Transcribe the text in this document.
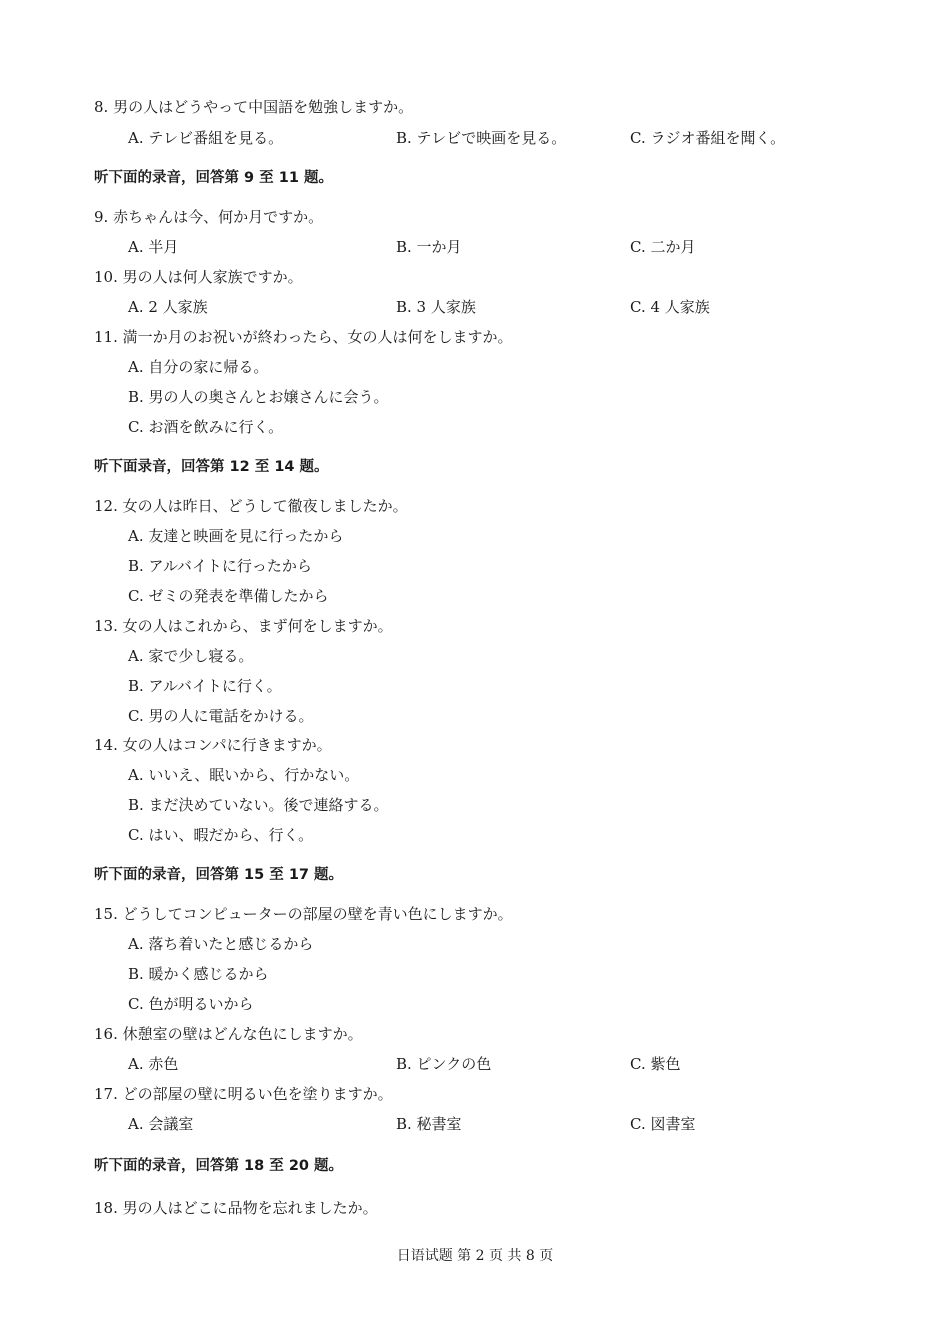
8. 男の人はどうやって中国語を勉強しますか。
A. テレビ番組を見る。	B. テレビで映画を見る。	C. ラジオ番組を聞く。
听下面的录音，回答第 9 至 11 题。
9. 赤ちゃんは今、何か月ですか。
A. 半月	B. 一か月	C. 二か月
10. 男の人は何人家族ですか。
A. 2 人家族	B. 3 人家族	C. 4 人家族
11. 満一か月のお祝いが終わったら、女の人は何をしますか。
A. 自分の家に帰る。
B. 男の人の奥さんとお嬢さんに会う。
C. お酒を飲みに行く。
听下面录音，回答第 12 至 14 题。
12. 女の人は昨日、どうして徹夜しましたか。
A. 友達と映画を見に行ったから
B. アルバイトに行ったから
C. ゼミの発表を準備したから
13. 女の人はこれから、まず何をしますか。
A. 家で少し寝る。
B. アルバイトに行く。
C. 男の人に電話をかける。
14. 女の人はコンパに行きますか。
A. いいえ、眠いから、行かない。
B. まだ決めていない。後で連絡する。
C. はい、暇だから、行く。
听下面的录音，回答第 15 至 17 题。
15. どうしてコンピューターの部屋の壁を青い色にしますか。
A. 落ち着いたと感じるから
B. 暖かく感じるから
C. 色が明るいから
16. 休憩室の壁はどんな色にしますか。
A. 赤色	B. ピンクの色	C. 紫色
17. どの部屋の壁に明るい色を塗りますか。
A. 会議室	B. 秘書室	C. 図書室
听下面的录音，回答第 18 至 20 题。
18. 男の人はどこに品物を忘れましたか。
日语试题 第 2 页 共 8 页
